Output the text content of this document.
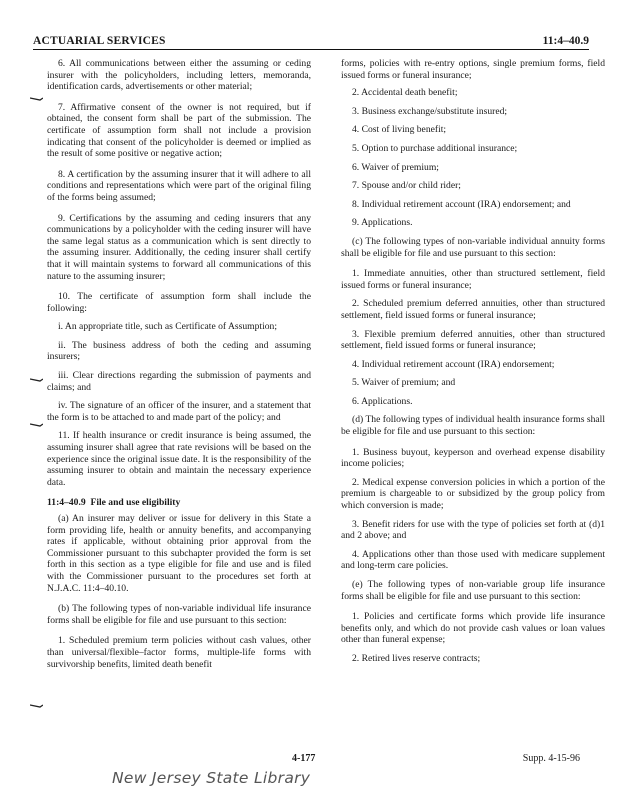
ACTUARIAL SERVICES	11:4–40.9

6. All communications between either the assuming or ceding insurer with the policyholders, including letters, memoranda, identification cards, advertisements or other material;

7. Affirmative consent of the owner is not required, but if obtained, the consent form shall be part of the submission. The certificate of assumption form shall not include a provision indicating that consent of the policyholder is deemed or implied as the result of some positive or negative action;

8. A certification by the assuming insurer that it will adhere to all conditions and representations which were part of the original filing of the forms being assumed;

9. Certifications by the assuming and ceding insurers that any communications by a policyholder with the ceding insurer will have the same legal status as a communication which is sent directly to the assuming insurer. Additionally, the ceding insurer shall certify that it will maintain systems to forward all communications of this nature to the assuming insurer;

10. The certificate of assumption form shall include the following:

i. An appropriate title, such as Certificate of Assumption;

ii. The business address of both the ceding and assuming insurers;

iii. Clear directions regarding the submission of payments and claims; and

iv. The signature of an officer of the insurer, and a statement that the form is to be attached to and made part of the policy; and

11. If health insurance or credit insurance is being assumed, the assuming insurer shall agree that rate revisions will be based on the experience since the original issue date. It is the responsibility of the assuming insurer to obtain and maintain the necessary experience data.

11:4–40.9 File and use eligibility

(a) An insurer may deliver or issue for delivery in this State a form providing life, health or annuity benefits, and accompanying rates if applicable, without obtaining prior approval from the Commissioner pursuant to this subchapter provided the form is set forth in this section as a type eligible for file and use and is filed with the Commissioner pursuant to the procedures set forth at N.J.A.C. 11:4–40.10.

(b) The following types of non-variable individual life insurance forms shall be eligible for file and use pursuant to this section:

1. Scheduled premium term policies without cash values, other than universal/flexible–factor forms, multiple-life forms with survivorship benefits, limited death benefit

forms, policies with re-entry options, single premium forms, field issued forms or funeral insurance;

2. Accidental death benefit;

3. Business exchange/substitute insured;

4. Cost of living benefit;

5. Option to purchase additional insurance;

6. Waiver of premium;

7. Spouse and/or child rider;

8. Individual retirement account (IRA) endorsement; and

9. Applications.

(c) The following types of non-variable individual annuity forms shall be eligible for file and use pursuant to this section:

1. Immediate annuities, other than structured settlement, field issued forms or funeral insurance;

2. Scheduled premium deferred annuities, other than structured settlement, field issued forms or funeral insurance;

3. Flexible premium deferred annuities, other than structured settlement, field issued forms or funeral insurance;

4. Individual retirement account (IRA) endorsement;

5. Waiver of premium; and

6. Applications.

(d) The following types of individual health insurance forms shall be eligible for file and use pursuant to this section:

1. Business buyout, keyperson and overhead expense disability income policies;

2. Medical expense conversion policies in which a portion of the premium is chargeable to or subsidized by the group policy from which conversion is made;

3. Benefit riders for use with the type of policies set forth at (d)1 and 2 above; and

4. Applications other than those used with medicare supplement and long-term care policies.

(e) The following types of non-variable group life insurance forms shall be eligible for file and use pursuant to this section:

1. Policies and certificate forms which provide life insurance benefits only, and which do not provide cash values or loan values other than funeral expense;

2. Retired lives reserve contracts;

4-177	Supp. 4-15-96
New Jersey State Library
